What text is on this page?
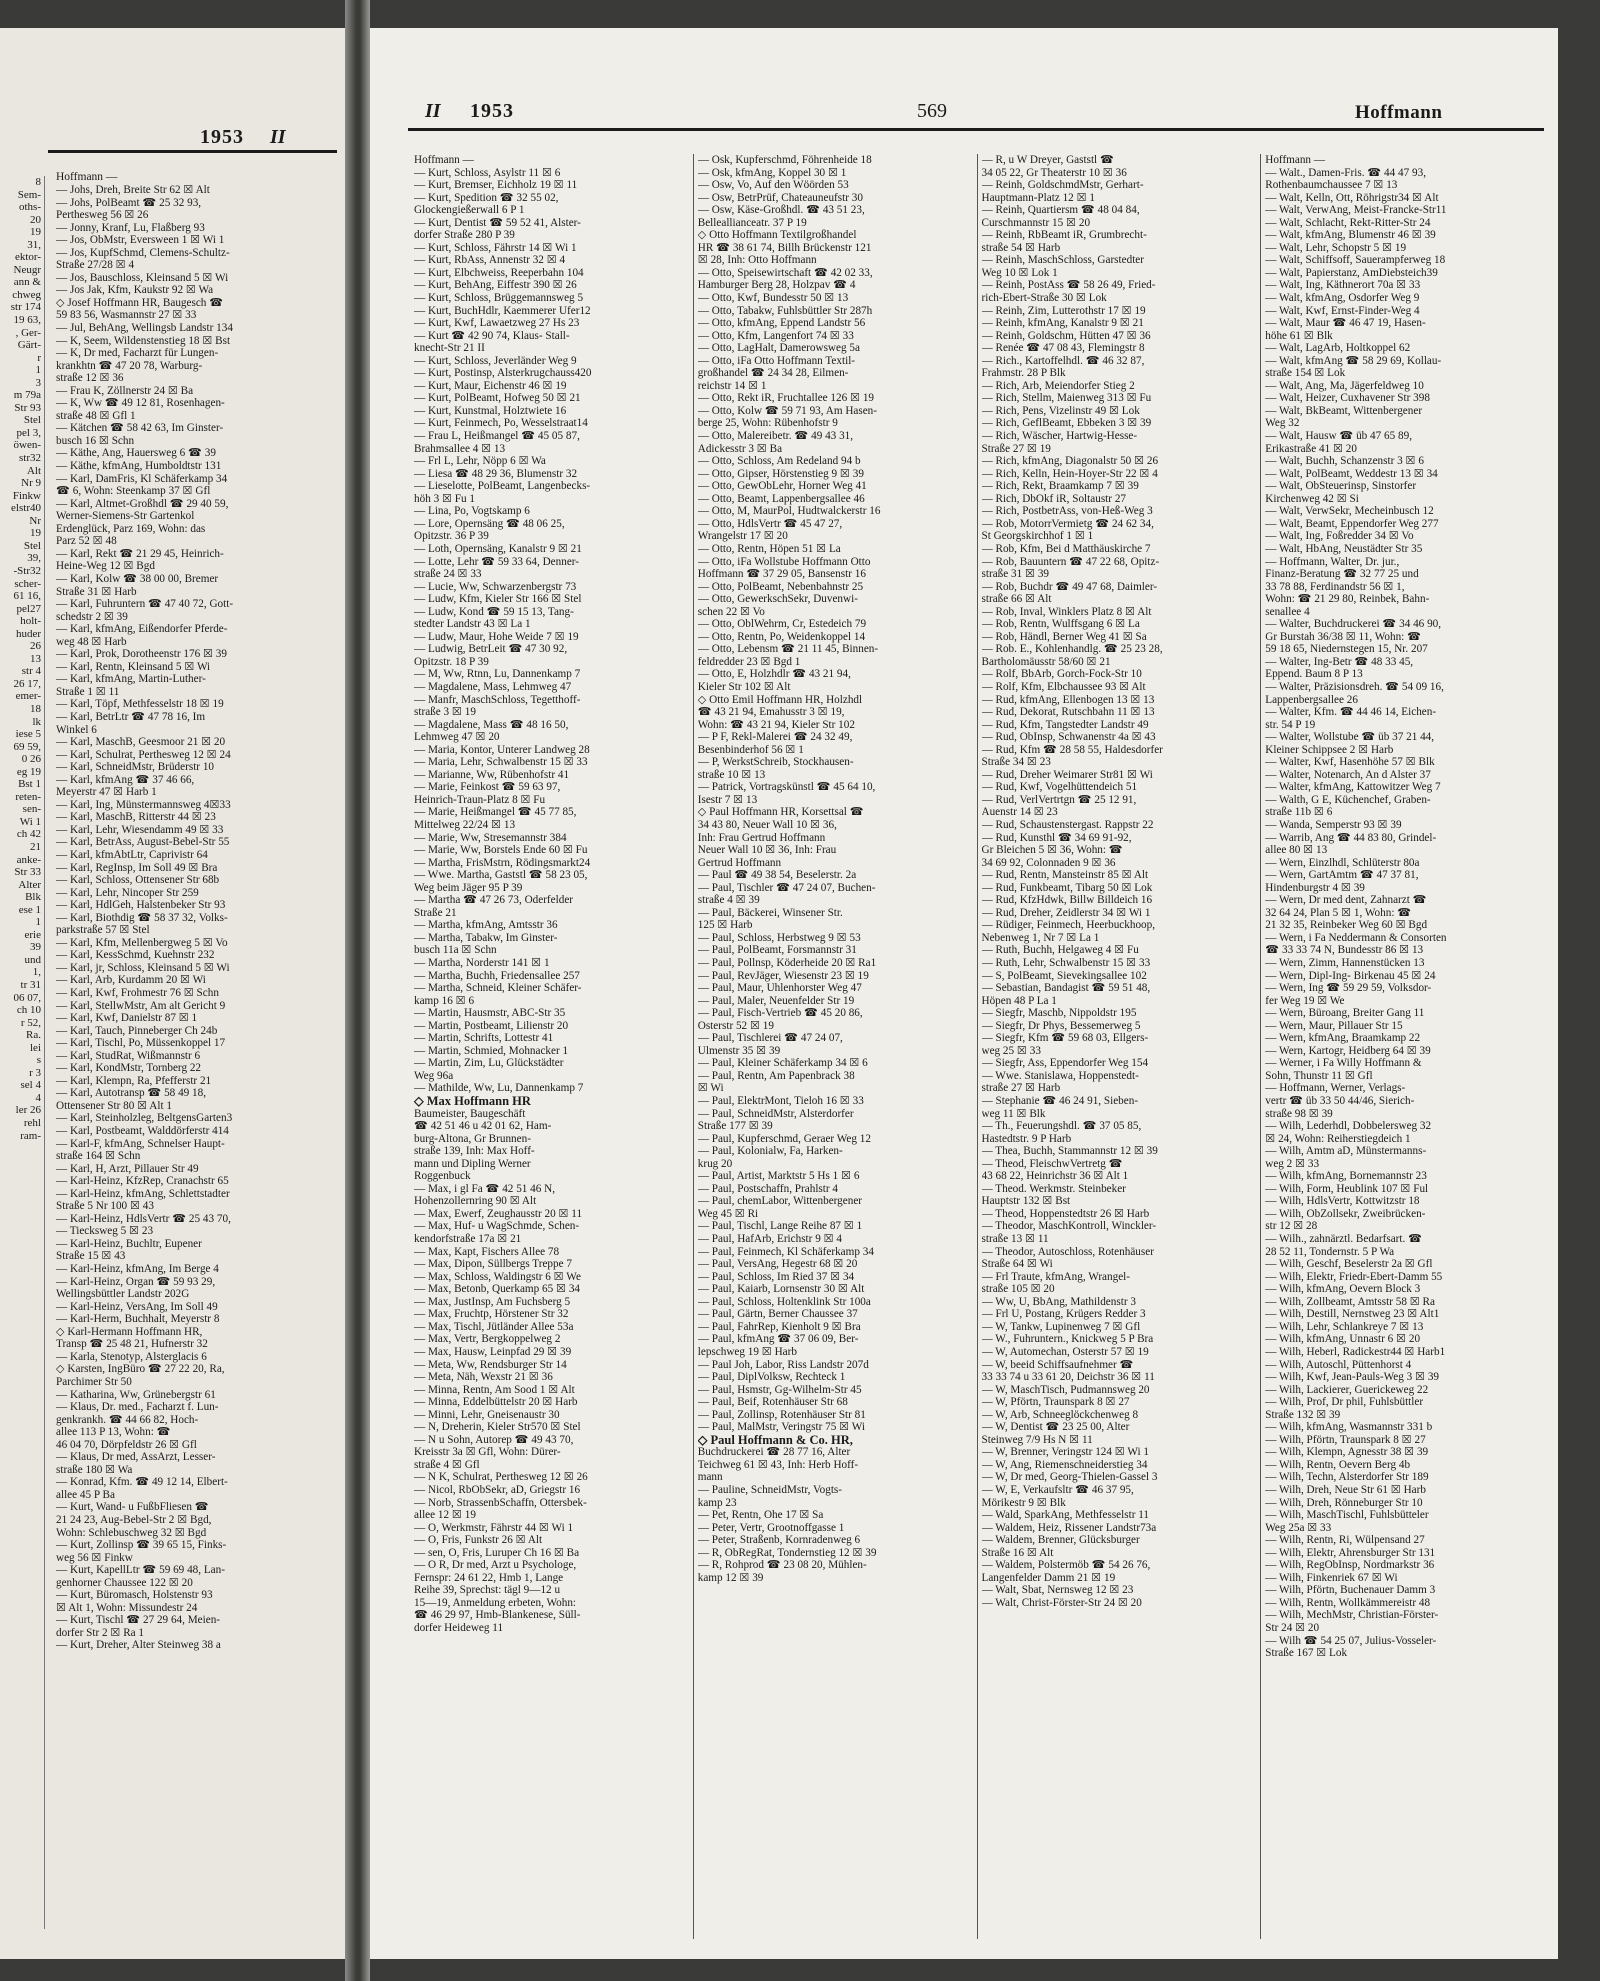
1953 II
8
Sem-
oths-
20
19
31,
ektor-
Neugr
ann &
chweg
str 174
19 63,
, Ger-
Gärt-
r
1
3
m 79a
Str 93
Stel
pel 3,
öwen-
str32
Alt
Nr 9
Finkw
elstr40
Nr
19
Stel
39,
-Str32
scher-
61 16,
pel27
holt-
huder
26
13
str 4
26 17,
emer-
18
lk
iese 5
69 59,
0 26
eg 19
Bst 1
reten-
sen-
Wi 1
ch 42
21
anke-
Str 33
Alter
Blk
ese 1
1
erie
39
und
1,
tr 31
06 07,
ch 10
r 52,
Ra.
lei
s
r 3
sel 4
4
ler 26
rehl
ram-
Hoffmann —
— Johs, Dreh, Breite Str 62 ☒ Alt
— Johs, PolBeamt ☎ 25 32 93,
Perthesweg 56 ☒ 26
— Jonny, Kranf, Lu, Flaßberg 93
— Jos, ObMstr, Eversween 1 ☒ Wi 1
— Jos, KupfSchmd, Clemens-Schultz-
Straße 27/28 ☒ 4
— Jos, Bauschloss, Kleinsand 5 ☒ Wi
— Jos Jak, Kfm, Kaukstr 92 ☒ Wa
◇ Josef Hoffmann HR, Baugesch ☎
59 83 56, Wasmannstr 27 ☒ 33
— Jul, BehAng, Wellingsb Landstr 134
— K, Seem, Wildenstenstieg 18 ☒ Bst
— K, Dr med, Facharzt für Lungen-
krankhtn ☎ 47 20 78, Warburg-
straße 12 ☒ 36
— Frau K, Zöllnerstr 24 ☒ Ba
— K, Ww ☎ 49 12 81, Rosenhagen-
straße 48 ☒ Gfl 1
— Kätchen ☎ 58 42 63, Im Ginster-
busch 16 ☒ Schn
— Käthe, Ang, Hauersweg 6 ☎ 39
— Käthe, kfmAng, Humboldtstr 131
— Karl, DamFris, Kl Schäferkamp 34
☎ 6, Wohn: Steenkamp 37 ☒ Gfl
— Karl, Altmet-Großhdl ☎ 29 40 59,
Werner-Siemens-Str Gartenkol
Erdenglück, Parz 169, Wohn: das
Parz 52 ☒ 48
— Karl, Rekt ☎ 21 29 45, Heinrich-
Heine-Weg 12 ☒ Bgd
— Karl, Kolw ☎ 38 00 00, Bremer
Straße 31 ☒ Harb
— Karl, Fuhruntern ☎ 47 40 72, Gott-
schedstr 2 ☒ 39
— Karl, kfmAng, Eißendorfer Pferde-
weg 48 ☒ Harb
— Karl, Prok, Dorotheenstr 176 ☒ 39
— Karl, Rentn, Kleinsand 5 ☒ Wi
— Karl, kfmAng, Martin-Luther-
Straße 1 ☒ 11
— Karl, Töpf, Methfesselstr 18 ☒ 19
— Karl, BetrLtr ☎ 47 78 16, Im
Winkel 6
— Karl, MaschB, Geesmoor 21 ☒ 20
— Karl, Schulrat, Perthesweg 12 ☒ 24
— Karl, SchneidMstr, Brüderstr 10
— Karl, kfmAng ☎ 37 46 66,
Meyerstr 47 ☒ Harb 1
— Karl, Ing, Münstermannsweg 4☒33
— Karl, MaschB, Ritterstr 44 ☒ 23
— Karl, Lehr, Wiesendamm 49 ☒ 33
— Karl, BetrAss, August-Bebel-Str 55
— Karl, kfmAbtLtr, Caprivistr 64
— Karl, RegInsp, Im Soll 49 ☒ Bra
— Karl, Schloss, Ottensener Str 68b
— Karl, Lehr, Nincoper Str 259
— Karl, HdlGeh, Halstenbeker Str 93
— Karl, Biothdig ☎ 58 37 32, Volks-
parkstraße 57 ☒ Stel
— Karl, Kfm, Mellenbergweg 5 ☒ Vo
— Karl, KessSchmd, Kuehnstr 232
— Karl, jr, Schloss, Kleinsand 5 ☒ Wi
— Karl, Arb, Kurdamm 20 ☒ Wi
— Karl, Kwf, Frohmestr 76 ☒ Schn
— Karl, StellwMstr, Am alt Gericht 9
— Karl, Kwf, Danielstr 87 ☒ 1
— Karl, Tauch, Pinneberger Ch 24b
— Karl, Tischl, Po, Müssenkoppel 17
— Karl, StudRat, Wißmannstr 6
— Karl, KondMstr, Tornberg 22
— Karl, Klempn, Ra, Pfefferstr 21
— Karl, Autotransp ☎ 58 49 18,
Ottensener Str 80 ☒ Alt 1
— Karl, Steinholzleg, BeltgensGarten3
— Karl, Postbeamt, Walddörferstr 414
— Karl-F, kfmAng, Schnelser Haupt-
straße 164 ☒ Schn
— Karl, H, Arzt, Pillauer Str 49
— Karl-Heinz, KfzRep, Cranachstr 65
— Karl-Heinz, kfmAng, Schlettstadter
Straße 5 Nr 100 ☒ 43
— Karl-Heinz, HdlsVertr ☎ 25 43 70,
— Tiecksweg 5 ☒ 23
— Karl-Heinz, Buchltr, Eupener
Straße 15 ☒ 43
— Karl-Heinz, kfmAng, Im Berge 4
— Karl-Heinz, Organ ☎ 59 93 29,
Wellingsbüttler Landstr 202G
— Karl-Heinz, VersAng, Im Soll 49
— Karl-Herm, Buchhalt, Meyerstr 8
◇ Karl-Hermann Hoffmann HR,
Transp ☎ 25 48 21, Hufnerstr 32
— Karla, Stenotyp, Alsterglacis 6
◇ Karsten, IngBüro ☎ 27 22 20, Ra,
Parchimer Str 50
— Katharina, Ww, Grünebergstr 61
— Klaus, Dr. med., Facharzt f. Lun-
genkrankh. ☎ 44 66 82, Hoch-
allee 113 P 13, Wohn: ☎
46 04 70, Dörpfeldstr 26 ☒ Gfl
— Klaus, Dr med, AssArzt, Lesser-
straße 180 ☒ Wa
— Konrad, Kfm. ☎ 49 12 14, Elbert-
allee 45 P Ba
— Kurt, Wand- u FußbFliesen ☎
21 24 23, Aug-Bebel-Str 2 ☒ Bgd,
Wohn: Schlebuschweg 32 ☒ Bgd
— Kurt, Zollinsp ☎ 39 65 15, Finks-
weg 56 ☒ Finkw
— Kurt, KapellLtr ☎ 59 69 48, Lan-
genhorner Chaussee 122 ☒ 20
— Kurt, Büromasch, Holstenstr 93
☒ Alt 1, Wohn: Missundestr 24
— Kurt, Tischl ☎ 27 29 64, Meien-
dorfer Str 2 ☒ Ra 1
— Kurt, Dreher, Alter Steinweg 38 a
II 1953	569	Hoffmann
Hoffmann —
— Kurt, Schloss, Asylstr 11 ☒ 6
— Kurt, Bremser, Eichholz 19 ☒ 11
— Kurt, Spedition ☎ 32 55 02,
Glockengießerwall 6 P 1
— Kurt, Dentist ☎ 59 52 41, Alster-
dorfer Straße 280 P 39
— Kurt, Schloss, Fährstr 14 ☒ Wi 1
— Kurt, RbAss, Annenstr 32 ☒ 4
— Kurt, Elbchweiss, Reeperbahn 104
— Kurt, BehAng, Eiffestr 390 ☒ 26
— Kurt, Schloss, Brüggemannsweg 5
— Kurt, BuchHdlr, Kaemmerer Ufer12
— Kurt, Kwf, Lawaetzweg 27 Hs 23
— Kurt ☎ 42 90 74, Klaus- Stall-
knecht-Str 21 II
— Kurt, Schloss, Jeverländer Weg 9
— Kurt, Postinsp, Alsterkrugchauss420
— Kurt, Maur, Eichenstr 46 ☒ 19
— Kurt, PolBeamt, Hofweg 50 ☒ 21
— Kurt, Kunstmal, Holztwiete 16
— Kurt, Feinmech, Po, Wesselstraat14
— Frau L, Heißmangel ☎ 45 05 87,
Brahmsallee 4 ☒ 13
— Frl L, Lehr, Nöpp 6 ☒ Wa
— Liesa ☎ 48 29 36, Blumenstr 32
— Lieselotte, PolBeamt, Langenbecks-
höh 3 ☒ Fu 1
— Lina, Po, Vogtskamp 6
— Lore, Opernsäng ☎ 48 06 25,
Opitzstr. 36 P 39
— Loth, Opernsäng, Kanalstr 9 ☒ 21
— Lotte, Lehr ☎ 59 33 64, Denner-
straße 24 ☒ 33
— Lucie, Ww, Schwarzenbergstr 73
— Ludw, Kfm, Kieler Str 166 ☒ Stel
— Ludw, Kond ☎ 59 15 13, Tang-
stedter Landstr 43 ☒ La 1
— Ludw, Maur, Hohe Weide 7 ☒ 19
— Ludwig, BetrLeit ☎ 47 30 92,
Opitzstr. 18 P 39
— M, Ww, Rtnn, Lu, Dannenkamp 7
— Magdalene, Mass, Lehmweg 47
— Manfr, MaschSchloss, Tegetthoff-
straße 3 ☒ 19
— Magdalene, Mass ☎ 48 16 50,
Lehmweg 47 ☒ 20
— Maria, Kontor, Unterer Landweg 28
— Maria, Lehr, Schwalbenstr 15 ☒ 33
— Marianne, Ww, Rübenhofstr 41
— Marie, Feinkost ☎ 59 63 97,
Heinrich-Traun-Platz 8 ☒ Fu
— Marie, Heißmangel ☎ 45 77 85,
Mittelweg 22/24 ☒ 13
— Marie, Ww, Stresemannstr 384
— Marie, Ww, Borstels Ende 60 ☒ Fu
— Martha, FrisMstrn, Rödingsmarkt24
— Wwe. Martha, Gaststl ☎ 58 23 05,
Weg beim Jäger 95 P 39
— Martha ☎ 47 26 73, Oderfelder
Straße 21
— Martha, kfmAng, Amtsstr 36
— Martha, Tabakw, Im Ginster-
busch 11a ☒ Schn
— Martha, Norderstr 141 ☒ 1
— Martha, Buchh, Friedensallee 257
— Martha, Schneid, Kleiner Schäfer-
kamp 16 ☒ 6
— Martin, Hausmstr, ABC-Str 35
— Martin, Postbeamt, Lilienstr 20
— Martin, Schrifts, Lottestr 41
— Martin, Schmied, Mohnacker 1
— Martin, Zim, Lu, Glückstädter
Weg 96a
— Mathilde, Ww, Lu, Dannenkamp 7
◇ Max Hoffmann HR
Baumeister, Baugeschäft
☎ 42 51 46 u 42 01 62, Ham-
burg-Altona, Gr Brunnen-
straße 139, Inh: Max Hoff-
mann und Dipling Werner
Roggenbuck
— Max, i gl Fa ☎ 42 51 46 N,
Hohenzollernring 90 ☒ Alt
— Max, Ewerf, Zeughausstr 20 ☒ 11
— Max, Huf- u WagSchmde, Schen-
kendorfstraße 17a ☒ 21
— Max, Kapt, Fischers Allee 78
— Max, Dipon, Süllbergs Treppe 7
— Max, Schloss, Waldingstr 6 ☒ We
— Max, Betonb, Querkamp 65 ☒ 34
— Max, JustInsp, Am Fuchsberg 5
— Max, Fruchtp, Hörstener Str 32
— Max, Tischl, Jütländer Allee 53a
— Max, Vertr, Bergkoppelweg 2
— Max, Hausw, Leinpfad 29 ☒ 39
— Meta, Ww, Rendsburger Str 14
— Meta, Näh, Wexstr 21 ☒ 36
— Minna, Rentn, Am Sood 1 ☒ Alt
— Minna, Eddelbüttelstr 20 ☒ Harb
— Minni, Lehr, Gneisenaustr 30
— N, Dreherin, Kieler Str570 ☒ Stel
— N u Sohn, Autorep ☎ 49 43 70,
Kreisstr 3a ☒ Gfl, Wohn: Dürer-
straße 4 ☒ Gfl
— N K, Schulrat, Perthesweg 12 ☒ 26
— Nicol, RbObSekr, aD, Griegstr 16
— Norb, StrassenbSchaffn, Ottersbek-
allee 12 ☒ 19
— O, Werkmstr, Fährstr 44 ☒ Wi 1
— O, Fris, Funkstr 26 ☒ Alt
— sen, O, Fris, Luruper Ch 16 ☒ Ba
— O R, Dr med, Arzt u Psychologe,
Fernspr: 24 61 22, Hmb 1, Lange
Reihe 39, Sprechst: tägl 9—12 u
15—19, Anmeldung erbeten, Wohn:
☎ 46 29 97, Hmb-Blankenese, Süll-
dorfer Heideweg 11
— Osk, Kupferschmd, Föhrenheide 18
— Osk, kfmAng, Koppel 30 ☒ 1
— Osw, Vo, Auf den Wöörden 53
— Osw, BetrPrüf, Chateauneufstr 30
— Osw, Käse-Großhdl. ☎ 43 51 23,
Belleallianceatr. 37 P 19
◇ Otto Hoffmann Textilgroßhandel
HR ☎ 38 61 74, Billh Brückenstr 121
☒ 28, Inh: Otto Hoffmann
— Otto, Speisewirtschaft ☎ 42 02 33,
Hamburger Berg 28, Holzpav ☎ 4
— Otto, Kwf, Bundesstr 50 ☒ 13
— Otto, Tabakw, Fuhlsbüttler Str 287h
— Otto, kfmAng, Eppend Landstr 56
— Otto, Kfm, Langenfort 74 ☒ 33
— Otto, LagHalt, Damerowsweg 5a
— Otto, iFa Otto Hoffmann Textil-
großhandel ☎ 24 34 28, Eilmen-
reichstr 14 ☒ 1
— Otto, Rekt iR, Fruchtallee 126 ☒ 19
— Otto, Kolw ☎ 59 71 93, Am Hasen-
berge 25, Wohn: Rübenhofstr 9
— Otto, Malereibetr. ☎ 49 43 31,
Adickesstr 3 ☒ Ba
— Otto, Schloss, Am Redeland 94 b
— Otto, Gipser, Hörstenstieg 9 ☒ 39
— Otto, GewObLehr, Horner Weg 41
— Otto, Beamt, Lappenbergsallee 46
— Otto, M, MaurPol, Hudtwalckerstr 16
— Otto, HdlsVertr ☎ 45 47 27,
Wrangelstr 17 ☒ 20
— Otto, Rentn, Höpen 51 ☒ La
— Otto, iFa Wollstube Hoffmann Otto
Hoffmann ☎ 37 29 05, Bansenstr 16
— Otto, PolBeamt, Nebenbahnstr 25
— Otto, GewerkschSekr, Duvenwi-
schen 22 ☒ Vo
— Otto, OblWehrm, Cr, Estedeich 79
— Otto, Rentn, Po, Weidenkoppel 14
— Otto, Lebensm ☎ 21 11 45, Binnen-
feldredder 23 ☒ Bgd 1
— Otto, E, Holzhdlr ☎ 43 21 94,
Kieler Str 102 ☒ Alt
◇ Otto Emil Hoffmann HR, Holzhdl
☎ 43 21 94, Emahusstr 3 ☒ 19,
Wohn: ☎ 43 21 94, Kieler Str 102
— P F, Rekl-Malerei ☎ 24 32 49,
Besenbinderhof 56 ☒ 1
— P, WerkstSchreib, Stockhausen-
straße 10 ☒ 13
— Patrick, Vortragskünstl ☎ 45 64 10,
Isestr 7 ☒ 13
◇ Paul Hoffmann HR, Korsettsal ☎
34 43 80, Neuer Wall 10 ☒ 36,
Inh: Frau Gertrud Hoffmann
Neuer Wall 10 ☒ 36, Inh: Frau
Gertrud Hoffmann
— Paul ☎ 49 38 54, Beselerstr. 2a
— Paul, Tischler ☎ 47 24 07, Buchen-
straße 4 ☒ 39
— Paul, Bäckerei, Winsener Str.
125 ☒ Harb
— Paul, Schloss, Herbstweg 9 ☒ 53
— Paul, PolBeamt, Forsmannstr 31
— Paul, Pollnsp, Köderheide 20 ☒ Ra1
— Paul, RevJäger, Wiesenstr 23 ☒ 19
— Paul, Maur, Uhlenhorster Weg 47
— Paul, Maler, Neuenfelder Str 19
— Paul, Fisch-Vertrieb ☎ 45 20 86,
Osterstr 52 ☒ 19
— Paul, Tischlerei ☎ 47 24 07,
Ulmenstr 35 ☒ 39
— Paul, Kleiner Schäferkamp 34 ☒ 6
— Paul, Rentn, Am Papenbrack 38
☒ Wi
— Paul, ElektrMont, Tieloh 16 ☒ 33
— Paul, SchneidMstr, Alsterdorfer
Straße 177 ☒ 39
— Paul, Kupferschmd, Geraer Weg 12
— Paul, Kolonialw, Fa, Harken-
krug 20
— Paul, Artist, Marktstr 5 Hs 1 ☒ 6
— Paul, Postschaffn, Prahlstr 4
— Paul, chemLabor, Wittenbergener
Weg 45 ☒ Ri
— Paul, Tischl, Lange Reihe 87 ☒ 1
— Paul, HafArb, Erichstr 9 ☒ 4
— Paul, Feinmech, Kl Schäferkamp 34
— Paul, VersAng, Hegestr 68 ☒ 20
— Paul, Schloss, Im Ried 37 ☒ 34
— Paul, Kaiarb, Lornsenstr 30 ☒ Alt
— Paul, Schloss, Holtenklink Str 100a
— Paul, Gärtn, Berner Chaussee 37
— Paul, FahrRep, Kienholt 9 ☒ Bra
— Paul, kfmAng ☎ 37 06 09, Ber-
lepschweg 19 ☒ Harb
— Paul Joh, Labor, Riss Landstr 207d
— Paul, DiplVolksw, Rechteck 1
— Paul, Hsmstr, Gg-Wilhelm-Str 45
— Paul, Beif, Rotenhäuser Str 68
— Paul, Zollinsp, Rotenhäuser Str 81
— Paul, MalMstr, Veringstr 75 ☒ Wi
◇ Paul Hoffmann & Co. HR,
Buchdruckerei ☎ 28 77 16, Alter
Teichweg 61 ☒ 43, Inh: Herb Hoff-
mann
— Pauline, SchneidMstr, Vogts-
kamp 23
— Pet, Rentn, Ohe 17 ☒ Sa
— Peter, Vertr, Grootnoffgasse 1
— Peter, Straßenb, Kornradenweg 6
— R, ObRegRat, Tondernstieg 12 ☒ 39
— R, Rohprod ☎ 23 08 20, Mühlen-
kamp 12 ☒ 39
— R, u W Dreyer, Gaststl ☎
34 05 22, Gr Theaterstr 10 ☒ 36
— Reinh, GoldschmdMstr, Gerhart-
Hauptmann-Platz 12 ☒ 1
— Reinh, Quartiersm ☎ 48 04 84,
Curschmannstr 15 ☒ 20
— Reinh, RbBeamt iR, Grumbrecht-
straße 54 ☒ Harb
— Reinh, MaschSchloss, Garstedter
Weg 10 ☒ Lok 1
— Reinh, PostAss ☎ 58 26 49, Fried-
rich-Ebert-Straße 30 ☒ Lok
— Reinh, Zim, Lutterothstr 17 ☒ 19
— Reinh, kfmAng, Kanalstr 9 ☒ 21
— Reinh, Goldschm, Hütten 47 ☒ 36
— Renée ☎ 47 08 43, Flemingstr 8
— Rich., Kartoffelhdl. ☎ 46 32 87,
Frahmstr. 28 P Blk
— Rich, Arb, Meiendorfer Stieg 2
— Rich, Stellm, Maienweg 313 ☒ Fu
— Rich, Pens, Vizelinstr 49 ☒ Lok
— Rich, GeflBeamt, Ebbeken 3 ☒ 39
— Rich, Wäscher, Hartwig-Hesse-
Straße 27 ☒ 19
— Rich, kfmAng, Diagonalstr 50 ☒ 26
— Rich, Kelln, Hein-Hoyer-Str 22 ☒ 4
— Rich, Rekt, Braamkamp 7 ☒ 39
— Rich, DbOkf iR, Soltaustr 27
— Rich, PostbetrAss, von-Heß-Weg 3
— Rob, MotorrVermietg ☎ 24 62 34,
St Georgskirchhof 1 ☒ 1
— Rob, Kfm, Bei d Matthäuskirche 7
— Rob, Bauuntern ☎ 47 22 68, Opitz-
straße 31 ☒ 39
— Rob, Buchdr ☎ 49 47 68, Daimler-
straße 66 ☒ Alt
— Rob, Inval, Winklers Platz 8 ☒ Alt
— Rob, Rentn, Wulffsgang 6 ☒ La
— Rob, Händl, Berner Weg 41 ☒ Sa
— Rob. E., Kohlenhandlg. ☎ 25 23 28,
Bartholomäusstr 58/60 ☒ 21
— Rolf, BbArb, Gorch-Fock-Str 10
— Rolf, Kfm, Elbchaussee 93 ☒ Alt
— Rud, kfmAng, Ellenbogen 13 ☒ 13
— Rud, Dekorat, Rutschbahn 11 ☒ 13
— Rud, Kfm, Tangstedter Landstr 49
— Rud, ObInsp, Schwanenstr 4a ☒ 43
— Rud, Kfm ☎ 28 58 55, Haldesdorfer
Straße 34 ☒ 23
— Rud, Dreher Weimarer Str81 ☒ Wi
— Rud, Kwf, Vogelhüttendeich 51
— Rud, VerlVertrtgn ☎ 25 12 91,
Auenstr 14 ☒ 23
— Rud, Schaustenstergast. Rappstr 22
— Rud, Kunsthl ☎ 34 69 91-92,
Gr Bleichen 5 ☒ 36, Wohn: ☎
34 69 92, Colonnaden 9 ☒ 36
— Rud, Rentn, Mansteinstr 85 ☒ Alt
— Rud, Funkbeamt, Tibarg 50 ☒ Lok
— Rud, KfzHdwk, Billw Billdeich 16
— Rud, Dreher, Zeidlerstr 34 ☒ Wi 1
— Rüdiger, Feinmech, Heerbuckhoop,
Nebenweg 1, Nr 7 ☒ La 1
— Ruth, Buchh, Helgaweg 4 ☒ Fu
— Ruth, Lehr, Schwalbenstr 15 ☒ 33
— S, PolBeamt, Sievekingsallee 102
— Sebastian, Bandagist ☎ 59 51 48,
Höpen 48 P La 1
— Siegfr, Maschb, Nippoldstr 195
— Siegfr, Dr Phys, Bessemerweg 5
— Siegfr, Kfm ☎ 59 68 03, Ellgers-
weg 25 ☒ 33
— Siegfr, Ass, Eppendorfer Weg 154
— Wwe. Stanislawa, Hoppenstedt-
straße 27 ☒ Harb
— Stephanie ☎ 46 24 91, Sieben-
weg 11 ☒ Blk
— Th., Feuerungshdl. ☎ 37 05 85,
Hastedtstr. 9 P Harb
— Thea, Buchh, Stammannstr 12 ☒ 39
— Theod, FleischwVertretg ☎
43 68 22, Heinrichstr 36 ☒ Alt 1
— Theod. Werkmstr. Steinbeker
Hauptstr 132 ☒ Bst
— Theod, Hoppenstedtstr 26 ☒ Harb
— Theodor, MaschKontroll, Winckler-
straße 13 ☒ 11
— Theodor, Autoschloss, Rotenhäuser
Straße 64 ☒ Wi
— Frl Traute, kfmAng, Wrangel-
straße 105 ☒ 20
— Ww, U, BbAng, Mathildenstr 3
— Frl U, Postang, Krügers Redder 3
— W, Tankw, Lupinenweg 7 ☒ Gfl
— W., Fuhruntern., Knickweg 5 P Bra
— W, Automechan, Osterstr 57 ☒ 19
— W, beeid Schiffsaufnehmer ☎
33 33 74 u 33 61 20, Deichstr 36 ☒ 11
— W, MaschTisch, Pudmannsweg 20
— W, Pförtn, Traunspark 8 ☒ 27
— W, Arb, Schneeglöckchenweg 8
— W, Dentist ☎ 23 25 00, Alter
Steinweg 7/9 Hs N ☒ 11
— W, Brenner, Veringstr 124 ☒ Wi 1
— W, Ang, Riemenschneiderstieg 34
— W, Dr med, Georg-Thielen-Gassel 3
— W, E, Verkaufsltr ☎ 46 37 95,
Mörikestr 9 ☒ Blk
— Wald, SparkAng, Methfesselstr 11
— Waldem, Heiz, Rissener Landstr73a
— Waldem, Brenner, Glücksburger
Straße 16 ☒ Alt
— Waldem, Polstermöb ☎ 54 26 76,
Langenfelder Damm 21 ☒ 19
— Walt, Sbat, Nernsweg 12 ☒ 23
— Walt, Christ-Förster-Str 24 ☒ 20
Hoffmann —
— Walt., Damen-Fris. ☎ 44 47 93,
Rothenbaumchaussee 7 ☒ 13
— Walt, Kelln, Ott, Röhrigstr34 ☒ Alt
— Walt, VerwAng, Meist-Francke-Str11
— Walt, Schlacht, Rekt-Ritter-Str 24
— Walt, kfmAng, Blumenstr 46 ☒ 39
— Walt, Lehr, Schopstr 5 ☒ 19
— Walt, Schiffsoff, Sauerampferweg 18
— Walt, Papierstanz, AmDiebsteich39
— Walt, Ing, Käthnerort 70a ☒ 33
— Walt, kfmAng, Osdorfer Weg 9
— Walt, Kwf, Ernst-Finder-Weg 4
— Walt, Maur ☎ 46 47 19, Hasen-
höhe 61 ☒ Blk
— Walt, LagArb, Holtkoppel 62
— Walt, kfmAng ☎ 58 29 69, Kollau-
straße 154 ☒ Lok
— Walt, Ang, Ma, Jägerfeldweg 10
— Walt, Heizer, Cuxhavener Str 398
— Walt, BkBeamt, Wittenbergener
Weg 32
— Walt, Hausw ☎ üb 47 65 89,
Erikastraße 41 ☒ 20
— Walt, Buchh, Schanzenstr 3 ☒ 6
— Walt, PolBeamt, Weddestr 13 ☒ 34
— Walt, ObSteuerinsp, Sinstorfer
Kirchenweg 42 ☒ Si
— Walt, VerwSekr, Mecheinbusch 12
— Walt, Beamt, Eppendorfer Weg 277
— Walt, Ing, Foßredder 34 ☒ Vo
— Walt, HbAng, Neustädter Str 35
— Hoffmann, Walter, Dr. jur.,
Finanz-Beratung ☎ 32 77 25 und
33 78 88, Ferdinandstr 56 ☒ 1,
Wohn: ☎ 21 29 80, Reinbek, Bahn-
senallee 4
— Walter, Buchdruckerei ☎ 34 46 90,
Gr Burstah 36/38 ☒ 11, Wohn: ☎
59 18 65, Niedernstegen 15, Nr. 207
— Walter, Ing-Betr ☎ 48 33 45,
Eppend. Baum 8 P 13
— Walter, Präzisionsdreh. ☎ 54 09 16,
Lappenbergsallee 26
— Walter, Kfm. ☎ 44 46 14, Eichen-
str. 54 P 19
— Walter, Wollstube ☎ üb 37 21 44,
Kleiner Schippsee 2 ☒ Harb
— Walter, Kwf, Hasenhöhe 57 ☒ Blk
— Walter, Notenarch, An d Alster 37
— Walter, kfmAng, Kattowitzer Weg 7
— Walth, G E, Küchenchef, Graben-
straße 11b ☒ 6
— Wanda, Semperstr 93 ☒ 39
— Warrib, Ang ☎ 44 83 80, Grindel-
allee 80 ☒ 13
— Wern, Einzlhdl, Schlüterstr 80a
— Wern, GartAmtm ☎ 47 37 81,
Hindenburgstr 4 ☒ 39
— Wern, Dr med dent, Zahnarzt ☎
32 64 24, Plan 5 ☒ 1, Wohn: ☎
21 32 35, Reinbeker Weg 60 ☒ Bgd
— Wern, i Fa Neddermann & Consorten
☎ 33 33 74 N, Bundesstr 86 ☒ 13
— Wern, Zimm, Hannenstücken 13
— Wern, Dipl-Ing- Birkenau 45 ☒ 24
— Wern, Ing ☎ 59 29 59, Volksdor-
fer Weg 19 ☒ We
— Wern, Büroang, Breiter Gang 11
— Wern, Maur, Pillauer Str 15
— Wern, kfmAng, Braamkamp 22
— Wern, Kartogr, Heidberg 64 ☒ 39
— Werner, i Fa Willy Hoffmann &
Sohn, Thunstr 11 ☒ Gfl
— Hoffmann, Werner, Verlags-
vertr ☎ üb 33 50 44/46, Sierich-
straße 98 ☒ 39
— Wilh, Lederhdl, Dobbelersweg 32
☒ 24, Wohn: Reiherstiegdeich 1
— Wilh, Amtm aD, Münstermanns-
weg 2 ☒ 33
— Wilh, kfmAng, Bornemannstr 23
— Wilh, Form, Heublink 107 ☒ Ful
— Wilh, HdlsVertr, Kottwitzstr 18
— Wilh, ObZollsekr, Zweibrücken-
str 12 ☒ 28
— Wilh., zahnärztl. Bedarfsart. ☎
28 52 11, Tondernstr. 5 P Wa
— Wilh, Geschf, Beselerstr 2a ☒ Gfl
— Wilh, Elektr, Friedr-Ebert-Damm 55
— Wilh, kfmAng, Oevern Block 3
— Wilh, Zollbeamt, Amtsstr 58 ☒ Ra
— Wilh, Destill, Nernstweg 23 ☒ Alt1
— Wilh, Lehr, Schlankreye 7 ☒ 13
— Wilh, kfmAng, Unnastr 6 ☒ 20
— Wilh, Heberl, Radickestr44 ☒ Harb1
— Wilh, Autoschl, Püttenhorst 4
— Wilh, Kwf, Jean-Pauls-Weg 3 ☒ 39
— Wilh, Lackierer, Guerickeweg 22
— Wilh, Prof, Dr phil, Fuhlsbüttler
Straße 132 ☒ 39
— Wilh, kfmAng, Wasmannstr 331 b
— Wilh, Pförtn, Traunspark 8 ☒ 27
— Wilh, Klempn, Agnesstr 38 ☒ 39
— Wilh, Rentn, Oevern Berg 4b
— Wilh, Techn, Alsterdorfer Str 189
— Wilh, Dreh, Neue Str 61 ☒ Harb
— Wilh, Dreh, Rönneburger Str 10
— Wilh, MaschTischl, Fuhlsbütteler
Weg 25a ☒ 33
— Wilh, Rentn, Ri, Wülpensand 27
— Wilh, Elektr, Ahrensburger Str 131
— Wilh, RegObInsp, Nordmarkstr 36
— Wilh, Finkenriek 67 ☒ Wi
— Wilh, Pförtn, Buchenauer Damm 3
— Wilh, Rentn, Wollkämmereistr 48
— Wilh, MechMstr, Christian-Förster-
Str 24 ☒ 20
— Wilh ☎ 54 25 07, Julius-Vosseler-
Straße 167 ☒ Lok
